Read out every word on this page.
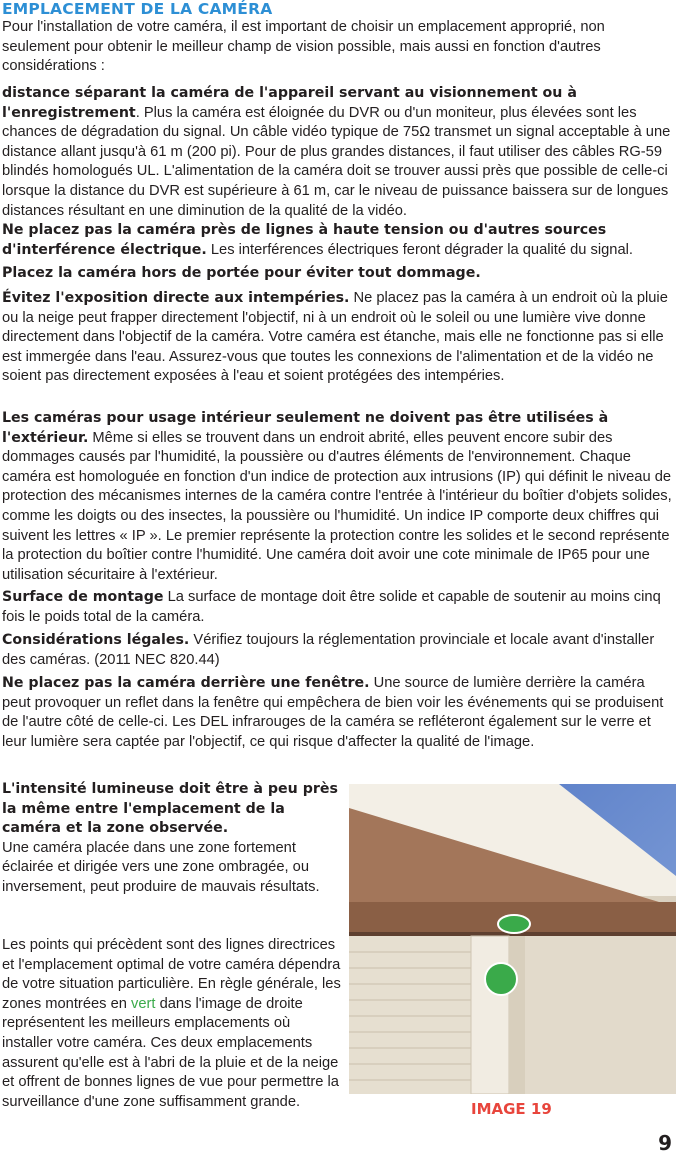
EMPLACEMENT DE LA CAMÉRA

Pour l'installation de votre caméra, il est important de choisir un emplacement approprié, non seulement pour obtenir le meilleur champ de vision possible, mais aussi en fonction d'autres considérations :

distance séparant la caméra de l'appareil servant au visionnement ou à l'enregistrement. Plus la caméra est éloignée du DVR ou d'un moniteur, plus élevées sont les chances de dégradation du signal. Un câble vidéo typique de 75Ω transmet un signal acceptable à une distance allant jusqu'à 61 m (200 pi). Pour de plus grandes distances, il faut utiliser des câbles RG-59 blindés homologués UL. L'alimentation de la caméra doit se trouver aussi près que possible de celle-ci lorsque la distance du DVR est supérieure à 61 m, car le niveau de puissance baissera sur de longues distances résultant en une diminution de la qualité de la vidéo.

Ne placez pas la caméra près de lignes à haute tension ou d'autres sources d'interférence électrique. Les interférences électriques feront dégrader la qualité du signal.

Placez la caméra hors de portée pour éviter tout dommage.

Évitez l'exposition directe aux intempéries. Ne placez pas la caméra à un endroit où la pluie ou la neige peut frapper directement l'objectif, ni à un endroit où le soleil ou une lumière vive donne directement dans l'objectif de la caméra. Votre caméra est étanche, mais elle ne fonctionne pas si elle est immergée dans l'eau. Assurez-vous que toutes les connexions de l'alimentation et de la vidéo ne soient pas directement exposées à l'eau et soient protégées des intempéries.

Les caméras pour usage intérieur seulement ne doivent pas être utilisées à l'extérieur. Même si elles se trouvent dans un endroit abrité, elles peuvent encore subir des dommages causés par l'humidité, la poussière ou d'autres éléments de l'environnement. Chaque caméra est homologuée en fonction d'un indice de protection aux intrusions (IP) qui définit le niveau de protection des mécanismes internes de la caméra contre l'entrée à l'intérieur du boîtier d'objets solides, comme les doigts ou des insectes, la poussière ou l'humidité. Un indice IP comporte deux chiffres qui suivent les lettres « IP ». Le premier représente la protection contre les solides et le second représente la protection du boîtier contre l'humidité. Une caméra doit avoir une cote minimale de IP65 pour une utilisation sécuritaire à l'extérieur.

Surface de montage La surface de montage doit être solide et capable de soutenir au moins cinq fois le poids total de la caméra.

Considérations légales. Vérifiez toujours la réglementation provinciale et locale avant d'installer des caméras. (2011 NEC 820.44)

Ne placez pas la caméra derrière une fenêtre. Une source de lumière derrière la caméra peut provoquer un reflet dans la fenêtre qui empêchera de bien voir les événements qui se produisent de l'autre côté de celle-ci. Les DEL infrarouges de la caméra se refléteront également sur le verre et leur lumière sera captée par l'objectif, ce qui risque d'affecter la qualité de l'image.

L'intensité lumineuse doit être à peu près la même entre l'emplacement de la caméra et la zone observée.
Une caméra placée dans une zone fortement éclairée et dirigée vers une zone ombragée, ou inversement, peut produire de mauvais résultats.

Les points qui précèdent sont des lignes directrices et l'emplacement optimal de votre caméra dépendra de votre situation particulière. En règle générale, les zones montrées en vert dans l'image de droite représentent les meilleurs emplacements où installer votre caméra. Ces deux emplacements assurent qu'elle est à l'abri de la pluie et de la neige et offrent de bonnes lignes de vue pour permettre la surveillance d'une zone suffisamment grande.	IMAGE 19
9
